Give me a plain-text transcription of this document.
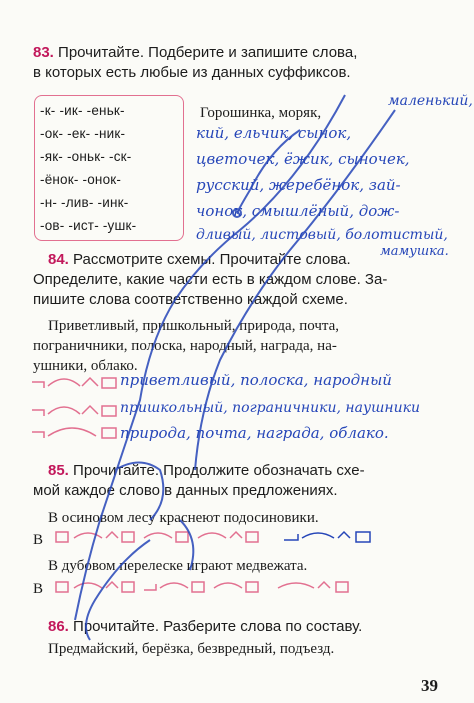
83. Прочитайте. Подберите и запишите слова,
в которых есть любые из данных суффиксов.
-к- -ик- -еньк-
-ок- -ек- -ник-
-як- -оньк- -ск-
-ёнок- -онок-
-н- -лив- -инк-
-ов- -ист- -ушк-
Горошинка, моряк,
маленький,
кий, ельчик, сынок,
цветочек, ёжик, сыночек,
русский, жеребёнок, зай-
чонок, смышлёный, дож-
дливый, листовый, болотистый,
мамушка.
84. Рассмотрите схемы. Прочитайте слова.
Определите, какие части есть в каждом слове. За-
пишите слова соответственно каждой схеме.
Приветливый, пришкольный, природа, почта,
пограничники, полоска, народный, награда, на-
ушники, облако.
приветливый, полоска, народный
пришкольный, пограничники, наушники
природа, почта, награда, облако.
85. Прочитайте. Продолжите обозначать схе-
мой каждое слово в данных предложениях.
В осиновом лесу краснеют подосиновики.
В
В дубовом перелеске играют медвежата.
В
86. Прочитайте. Разберите слова по составу.
Предмайский, берёзка, безвредный, подъезд.
39
